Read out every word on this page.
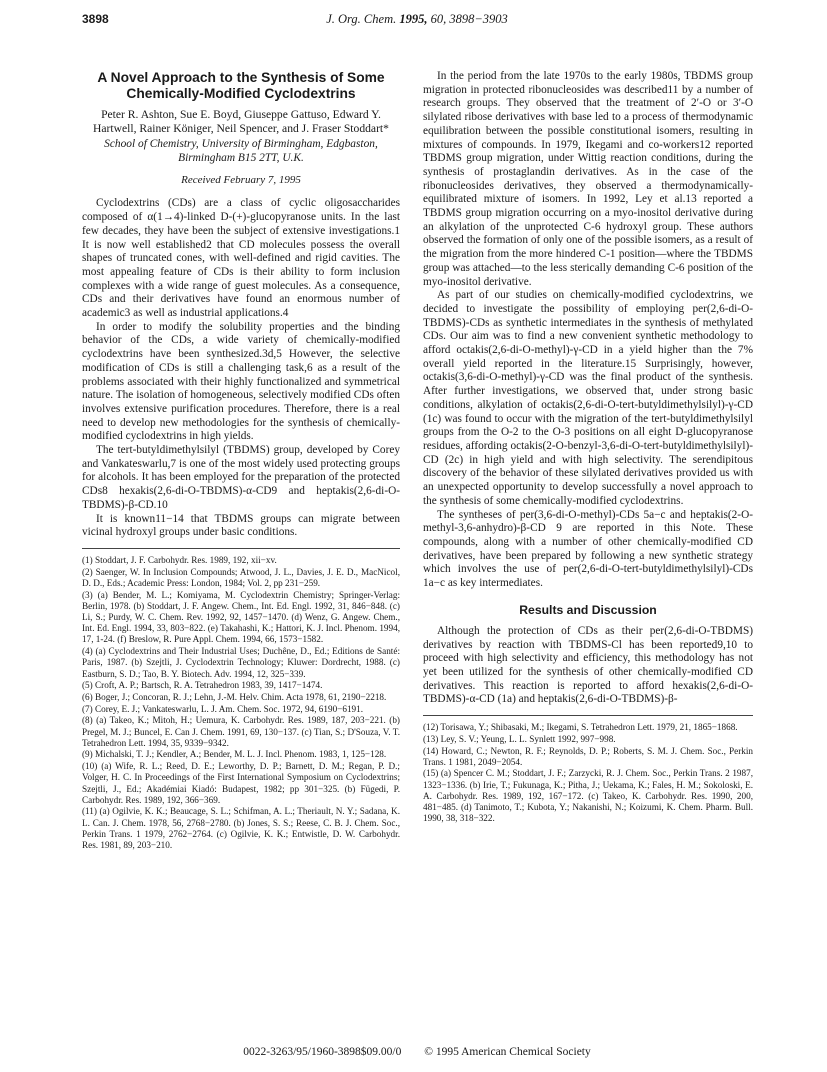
3898	J. Org. Chem. 1995, 60, 3898−3903
A Novel Approach to the Synthesis of Some Chemically-Modified Cyclodextrins
Peter R. Ashton, Sue E. Boyd, Giuseppe Gattuso, Edward Y. Hartwell, Rainer Königer, Neil Spencer, and J. Fraser Stoddart*
School of Chemistry, University of Birmingham, Edgbaston, Birmingham B15 2TT, U.K.
Received February 7, 1995

Cyclodextrins (CDs) are a class of cyclic oligosaccharides composed of α(1→4)-linked D-(+)-glucopyranose units. In the last few decades, they have been the subject of extensive investigations.1 It is now well established2 that CD molecules possess the overall shapes of truncated cones, with well-defined and rigid cavities. The most appealing feature of CDs is their ability to form inclusion complexes with a wide range of guest molecules. As a consequence, CDs and their derivatives have found an enormous number of academic3 as well as industrial applications.4

In order to modify the solubility properties and the binding behavior of the CDs, a wide variety of chemically-modified cyclodextrins have been synthesized.3d,5 However, the selective modification of CDs is still a challenging task,6 as a result of the problems associated with their highly functionalized and symmetrical nature. The isolation of homogeneous, selectively modified CDs often involves extensive purification procedures. Therefore, there is a real need to develop new methodologies for the synthesis of chemically-modified cyclodextrins in high yields.

The tert-butyldimethylsilyl (TBDMS) group, developed by Corey and Vankateswarlu,7 is one of the most widely used protecting groups for alcohols. It has been employed for the preparation of the protected CDs8 hexakis(2,6-di-O-TBDMS)-α-CD9 and heptakis(2,6-di-O-TBDMS)-β-CD.10

It is known11−14 that TBDMS groups can migrate between vicinal hydroxyl groups under basic conditions.

(1) Stoddart, J. F. Carbohydr. Res. 1989, 192, xii−xv.
(2) Saenger, W. In Inclusion Compounds; Atwood, J. L., Davies, J. E. D., MacNicol, D. D., Eds.; Academic Press: London, 1984; Vol. 2, pp 231−259.
(3) (a) Bender, M. L.; Komiyama, M. Cyclodextrin Chemistry; Springer-Verlag: Berlin, 1978. (b) Stoddart, J. F. Angew. Chem., Int. Ed. Engl. 1992, 31, 846−848. (c) Li, S.; Purdy, W. C. Chem. Rev. 1992, 92, 1457−1470. (d) Wenz, G. Angew. Chem., Int. Ed. Engl. 1994, 33, 803−822. (e) Takahashi, K.; Hattori, K. J. Incl. Phenom. 1994, 17, 1-24. (f) Breslow, R. Pure Appl. Chem. 1994, 66, 1573−1582.
(4) (a) Cyclodextrins and Their Industrial Uses; Duchêne, D., Ed.; Editions de Santé: Paris, 1987. (b) Szejtli, J. Cyclodextrin Technology; Kluwer: Dordrecht, 1988. (c) Eastburn, S. D.; Tao, B. Y. Biotech. Adv. 1994, 12, 325−339.
(5) Croft, A. P.; Bartsch, R. A. Tetrahedron 1983, 39, 1417−1474.
(6) Boger, J.; Concoran, R. J.; Lehn, J.-M. Helv. Chim. Acta 1978, 61, 2190−2218.
(7) Corey, E. J.; Vankateswarlu, L. J. Am. Chem. Soc. 1972, 94, 6190−6191.
(8) (a) Takeo, K.; Mitoh, H.; Uemura, K. Carbohydr. Res. 1989, 187, 203−221. (b) Pregel, M. J.; Buncel, E. Can J. Chem. 1991, 69, 130−137. (c) Tian, S.; D'Souza, V. T. Tetrahedron Lett. 1994, 35, 9339−9342.
(9) Michalski, T. J.; Kendler, A.; Bender, M. L. J. Incl. Phenom. 1983, 1, 125−128.
(10) (a) Wife, R. L.; Reed, D. E.; Leworthy, D. P.; Barnett, D. M.; Regan, P. D.; Volger, H. C. In Proceedings of the First International Symposium on Cyclodextrins; Szejtli, J., Ed.; Akadémiai Kiadó: Budapest, 1982; pp 301−325. (b) Fügedi, P. Carbohydr. Res. 1989, 192, 366−369.
(11) (a) Ogilvie, K. K.; Beaucage, S. L.; Schifman, A. L.; Theriault, N. Y.; Sadana, K. L. Can. J. Chem. 1978, 56, 2768−2780. (b) Jones, S. S.; Reese, C. B. J. Chem. Soc., Perkin Trans. 1 1979, 2762−2764. (c) Ogilvie, K. K.; Entwistle, D. W. Carbohydr. Res. 1981, 89, 203−210.

In the period from the late 1970s to the early 1980s, TBDMS group migration in protected ribonucleosides was described11 by a number of research groups. They observed that the treatment of 2′-O or 3′-O silylated ribose derivatives with base led to a process of thermodynamic equilibration between the possible constitutional isomers, resulting in mixtures of compounds. In 1979, Ikegami and co-workers12 reported TBDMS group migration, under Wittig reaction conditions, during the synthesis of prostaglandin derivatives. As in the case of the ribonucleosides derivatives, they observed a thermodynamically-equilibrated mixture of isomers. In 1992, Ley et al.13 reported a TBDMS group migration occurring on a myo-inositol derivative during an alkylation of the unprotected C-6 hydroxyl group. These authors observed the formation of only one of the possible isomers, as a result of the migration from the more hindered C-1 position—where the TBDMS group was attached—to the less sterically demanding C-6 position of the myo-inositol derivative.

As part of our studies on chemically-modified cyclodextrins, we decided to investigate the possibility of employing per(2,6-di-O-TBDMS)-CDs as synthetic intermediates in the synthesis of methylated CDs. Our aim was to find a new convenient synthetic methodology to afford octakis(2,6-di-O-methyl)-γ-CD in a yield higher than the 7% overall yield reported in the literature.15 Surprisingly, however, octakis(3,6-di-O-methyl)-γ-CD was the final product of the synthesis. After further investigations, we observed that, under strong basic conditions, alkylation of octakis(2,6-di-O-tert-butyldimethylsilyl)-γ-CD (1c) was found to occur with the migration of the tert-butyldimethylsilyl groups from the O-2 to the O-3 positions on all eight D-glucopyranose residues, affording octakis(2-O-benzyl-3,6-di-O-tert-butyldimethylsilyl)-CD (2c) in high yield and with high selectivity. The serendipitous discovery of the behavior of these silylated derivatives provided us with an unexpected opportunity to develop successfully a novel approach to the synthesis of some chemically-modified cyclodextrins.

The syntheses of per(3,6-di-O-methyl)-CDs 5a−c and heptakis(2-O-methyl-3,6-anhydro)-β-CD 9 are reported in this Note. These compounds, along with a number of other chemically-modified CD derivatives, have been prepared by following a new synthetic strategy which involves the use of per(2,6-di-O-tert-butyldimethylsilyl)-CDs 1a−c as key intermediates.

Results and Discussion

Although the protection of CDs as their per(2,6-di-O-TBDMS) derivatives by reaction with TBDMS-Cl has been reported9,10 to proceed with high selectivity and efficiency, this methodology has not yet been utilized for the synthesis of other chemically-modified CD derivatives. This reaction is reported to afford hexakis(2,6-di-O-TBDMS)-α-CD (1a) and heptakis(2,6-di-O-TBDMS)-β-

(12) Torisawa, Y.; Shibasaki, M.; Ikegami, S. Tetrahedron Lett. 1979, 21, 1865−1868.
(13) Ley, S. V.; Yeung, L. L. Synlett 1992, 997−998.
(14) Howard, C.; Newton, R. F.; Reynolds, D. P.; Roberts, S. M. J. Chem. Soc., Perkin Trans. 1 1981, 2049−2054.
(15) (a) Spencer C. M.; Stoddart, J. F.; Zarzycki, R. J. Chem. Soc., Perkin Trans. 2 1987, 1323−1336. (b) Irie, T.; Fukunaga, K.; Pitha, J.; Uekama, K.; Fales, H. M.; Sokoloski, E. A. Carbohydr. Res. 1989, 192, 167−172. (c) Takeo, K. Carbohydr. Res. 1990, 200, 481−485. (d) Tanimoto, T.; Kubota, Y.; Nakanishi, N.; Koizumi, K. Chem. Pharm. Bull. 1990, 38, 318−322.
0022-3263/95/1960-3898$09.00/0 © 1995 American Chemical Society
